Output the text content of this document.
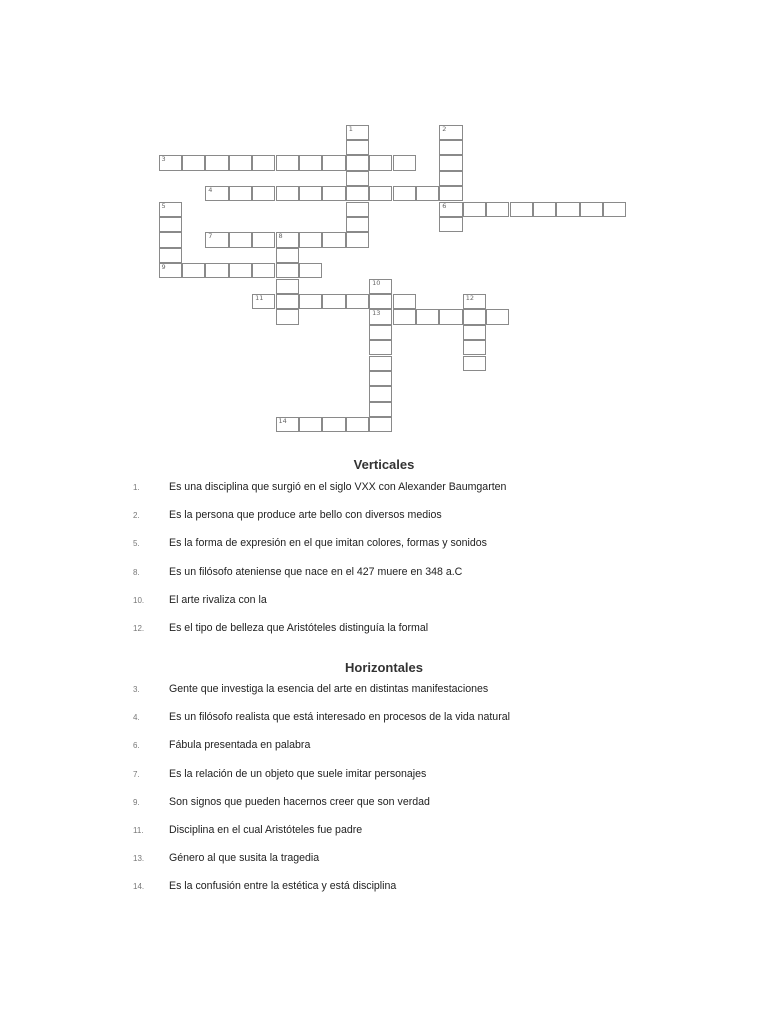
1	2
6
3
4
5
9
7	8
10
13
11	12
14
Verticales
1.	Es una disciplina que surgió en el siglo VXX con Alexander Baumgarten
2.	Es la persona que produce arte bello con diversos medios
5.	Es la forma de expresión en el que imitan colores, formas y sonidos
8.	Es un filósofo ateniense que nace en el 427 muere en 348 a.C
10. El arte rivaliza con la
12. Es el tipo de belleza que Aristóteles distinguía la formal
Horizontales
3.	Gente que investiga la esencia del arte en distintas manifestaciones
4.	Es un filósofo realista que está interesado en procesos de la vida natural
6.	Fábula presentada en palabra
7.	Es la relación de un objeto que suele imitar personajes
9.	Son signos que pueden hacernos creer que son verdad
11. Disciplina en el cual Aristóteles fue padre
13. Género al que susita la tragedia
14. Es la confusión entre la estética y está disciplina
